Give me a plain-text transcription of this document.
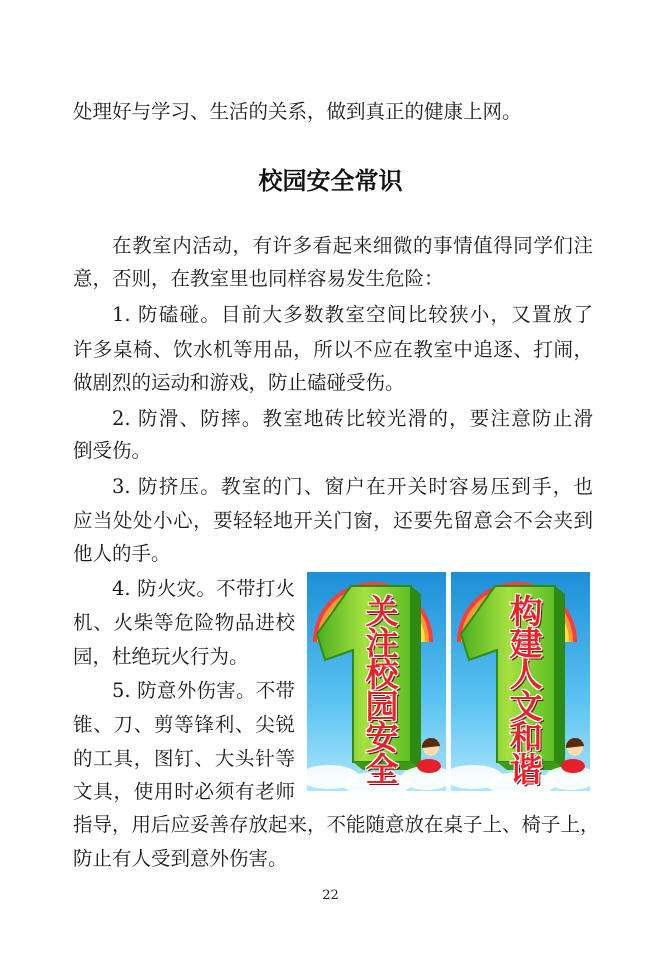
处理好与学习、生活的关系，做到真正的健康上网。
校园安全常识
在教室内活动，有许多看起来细微的事情值得同学们注
意，否则，在教室里也同样容易发生危险：
1. 防磕碰。目前大多数教室空间比较狭小，又置放了
许多桌椅、饮水机等用品，所以不应在教室中追逐、打闹，
做剧烈的运动和游戏，防止磕碰受伤。
2. 防滑、防摔。教室地砖比较光滑的，要注意防止滑
倒受伤。
3. 防挤压。教室的门、窗户在开关时容易压到手，也
应当处处小心，要轻轻地开关门窗，还要先留意会不会夹到
他人的手。
4. 防火灾。不带打火
机、火柴等危险物品进校
园，杜绝玩火行为。
5. 防意外伤害。不带
锥、刀、剪等锋利、尖锐
的工具，图钉、大头针等
文具，使用时必须有老师
指导，用后应妥善存放起来，不能随意放在桌子上、椅子上，
防止有人受到意外伤害。
关
注
校
园
安
全
构
建
人
文
和
谐
22
